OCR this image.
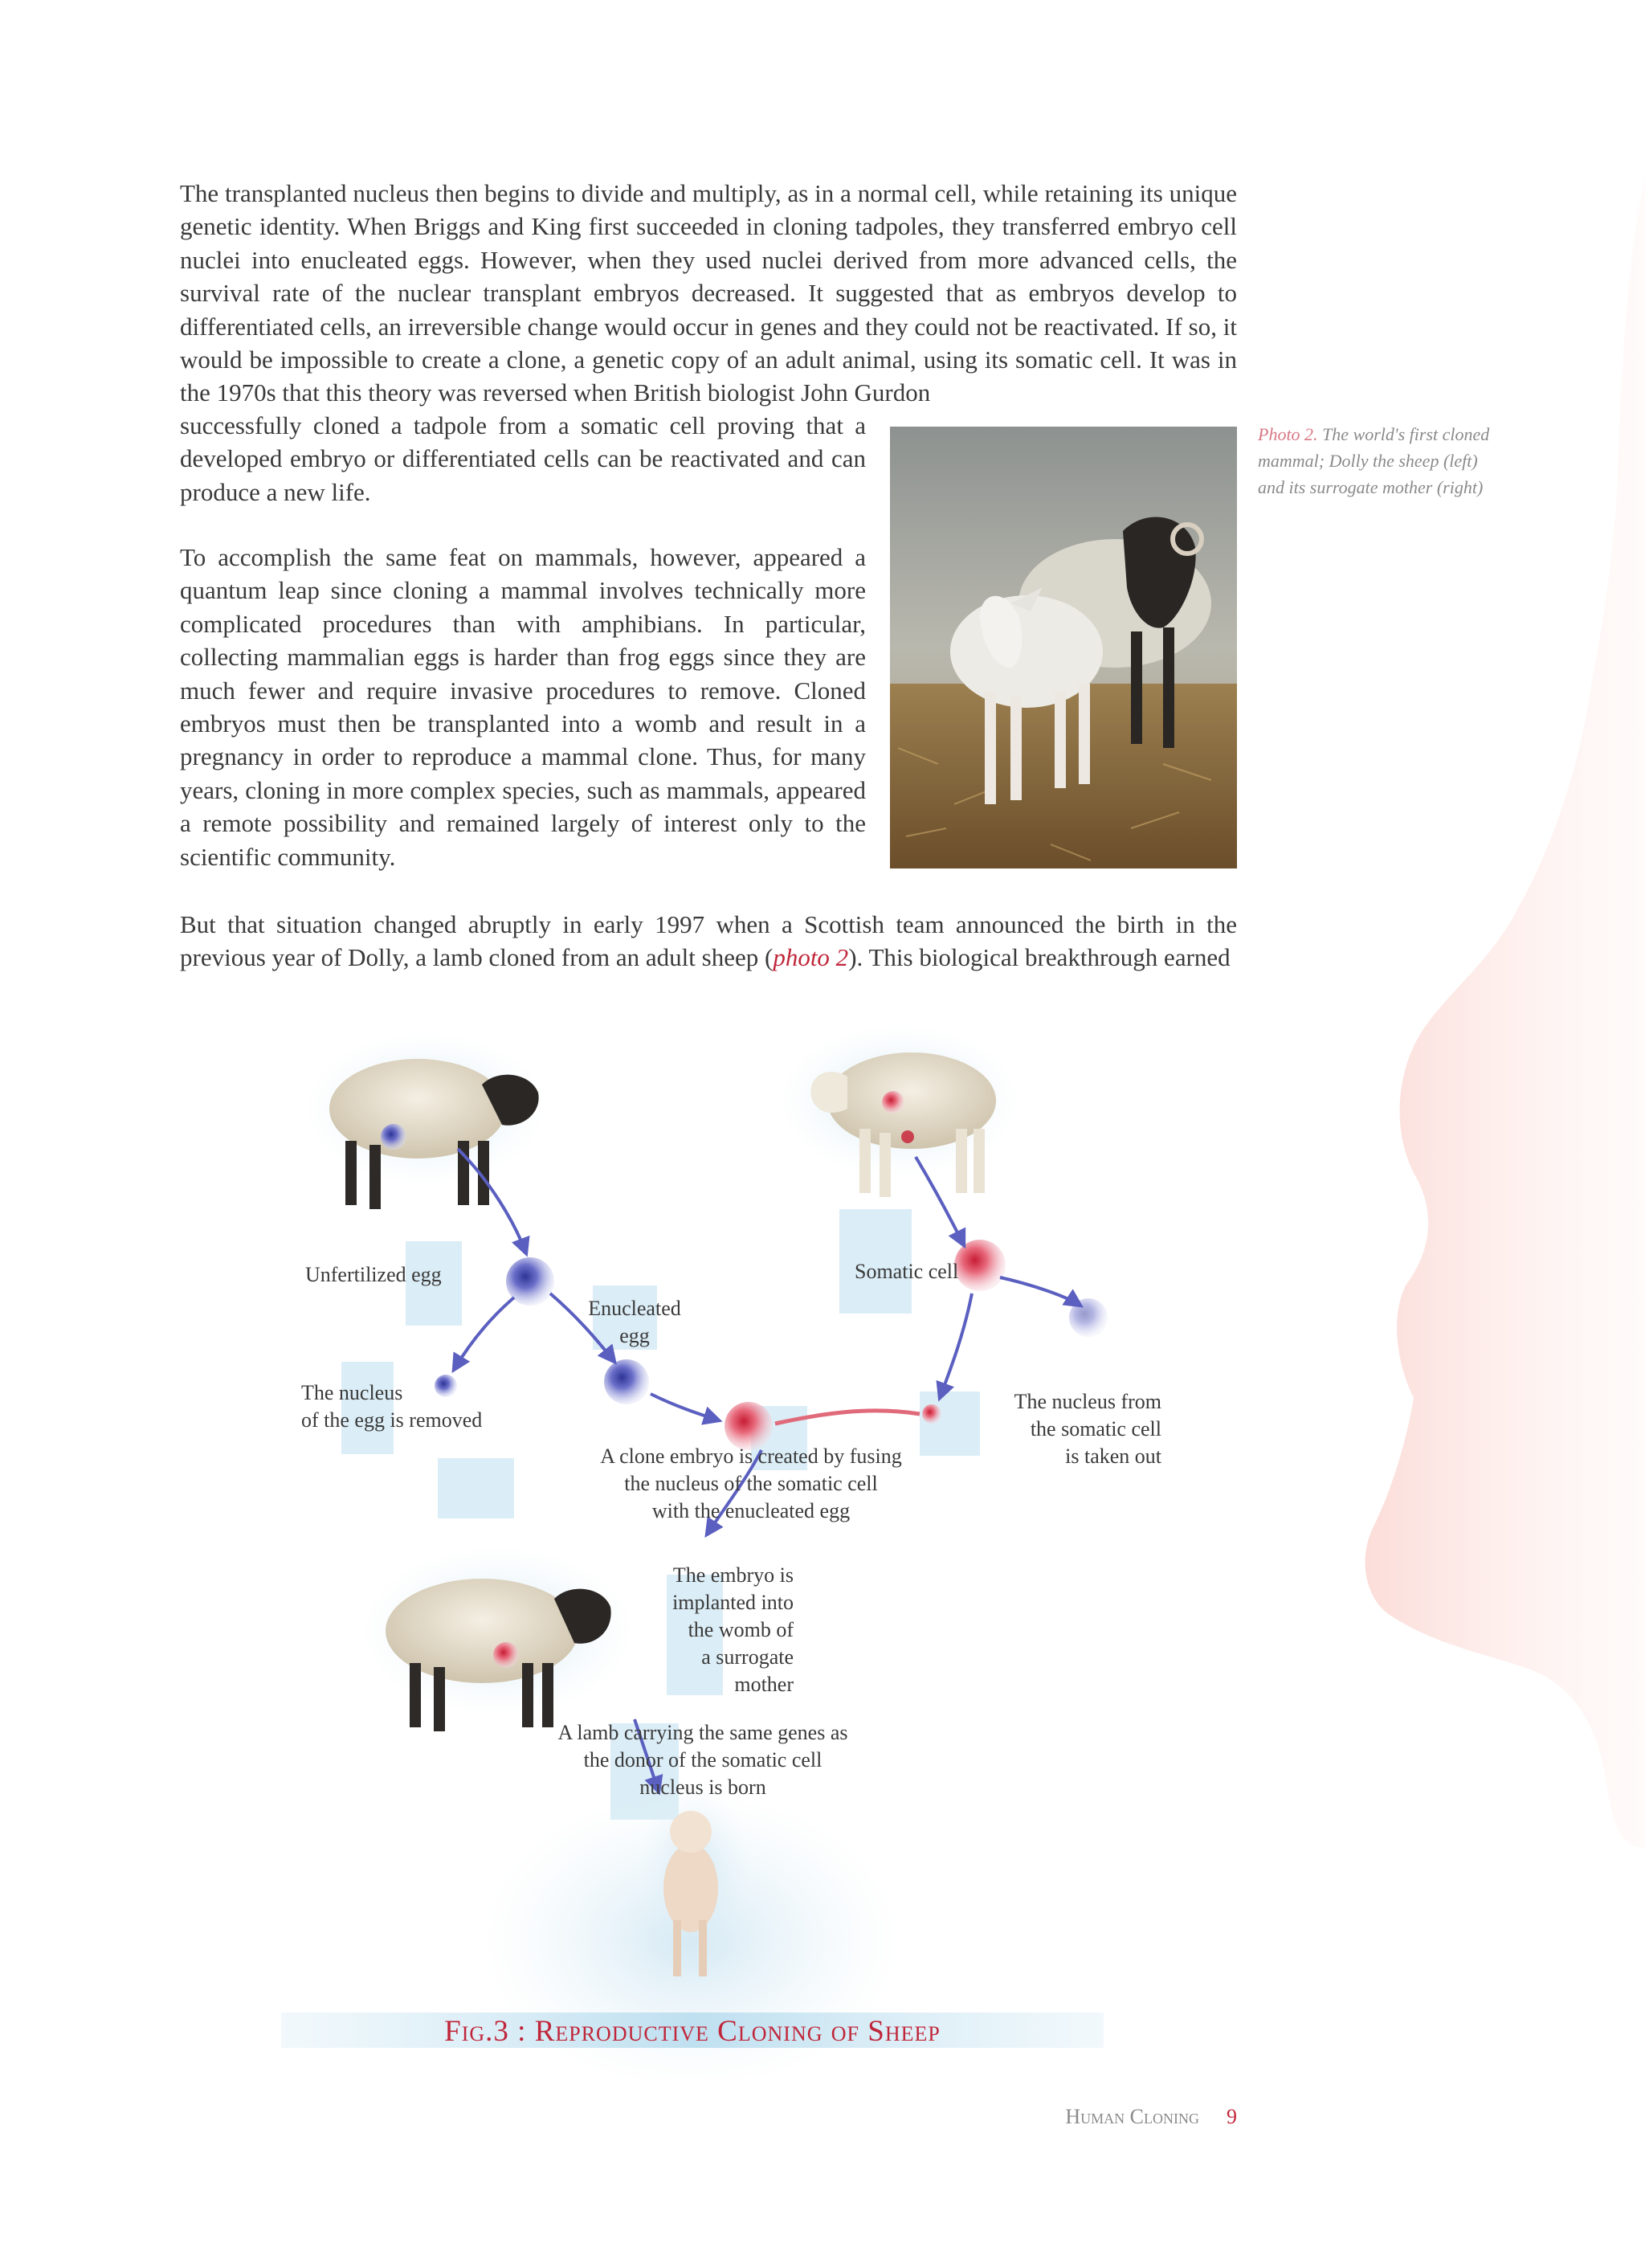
The transplanted nucleus then begins to divide and multiply, as in a normal cell, while retaining its unique genetic identity. When Briggs and King first succeeded in cloning tadpoles, they transferred embryo cell nuclei into enucleated eggs. However, when they used nuclei derived from more advanced cells, the survival rate of the nuclear transplant embryos decreased. It suggested that as embryos develop to differentiated cells, an irreversible change would occur in genes and they could not be reactivated. If so, it would be impossible to create a clone, a genetic copy of an adult animal, using its somatic cell. It was in the 1970s that this theory was reversed when British biologist John Gurdon

successfully cloned a tadpole from a somatic cell proving that a developed embryo or differentiated cells can be reactivated and can produce a new life.

To accomplish the same feat on mammals, however, appeared a quantum leap since cloning a mammal involves technically more complicated procedures than with amphibians. In particular, collecting mammalian eggs is harder than frog eggs since they are much fewer and require invasive procedures to remove. Cloned embryos must then be transplanted into a womb and result in a pregnancy in order to reproduce a mammal clone. Thus, for many years, cloning in more complex species, such as mammals, appeared a remote possibility and remained largely of interest only to the scientific community.

But that situation changed abruptly in early 1997 when a Scottish team announced the birth in the previous year of Dolly, a lamb cloned from an adult sheep (photo 2). This biological breakthrough earned

Photo 2. The world's first cloned mammal; Dolly the sheep (left) and its surrogate mother (right)
Unfertilized egg
Enucleated
egg
Somatic cell
The nucleus
of the egg is removed
The nucleus from
the somatic cell
is taken out
A clone embryo is created by fusing
the nucleus of the somatic cell
with the enucleated egg
The embryo is
implanted into
the womb of
a surrogate
mother
A lamb carrying the same genes as
the donor of the somatic cell
nucleus is born
Fig.3 : Reproductive Cloning of Sheep
Human Cloning 9
